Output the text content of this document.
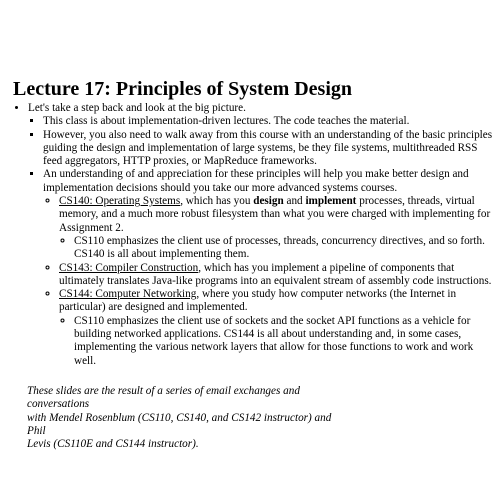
Lecture 17: Principles of System Design
• Let's take a step back and look at the big picture.
▪ This class is about implementation-driven lectures. The code teaches the material.
▪ However, you also need to walk away from this course with an understanding of the basic principles guiding the design and implementation of large systems, be they file systems, multithreaded RSS feed aggregators, HTTP proxies, or MapReduce frameworks.
▪ An understanding of and appreciation for these principles will help you make better design and implementation decisions should you take our more advanced systems courses.
◦ CS140: Operating Systems, which has you design and implement processes, threads, virtual memory, and a much more robust filesystem than what you were charged with implementing for Assignment 2.
◦ CS110 emphasizes the client use of processes, threads, concurrency directives, and so forth. CS140 is all about implementing them.
◦ CS143: Compiler Construction, which has you implement a pipeline of components that ultimately translates Java-like programs into an equivalent stream of assembly code instructions.
◦ CS144: Computer Networking, where you study how computer networks (the Internet in particular) are designed and implemented.
◦ CS110 emphasizes the client use of sockets and the socket API functions as a vehicle for building networked applications. CS144 is all about understanding and, in some cases, implementing the various network layers that allow for those functions to work and work well.
These slides are the result of a series of email exchanges and conversations
with Mendel Rosenblum (CS110, CS140, and CS142 instructor) and Phil
Levis (CS110E and CS144 instructor).
